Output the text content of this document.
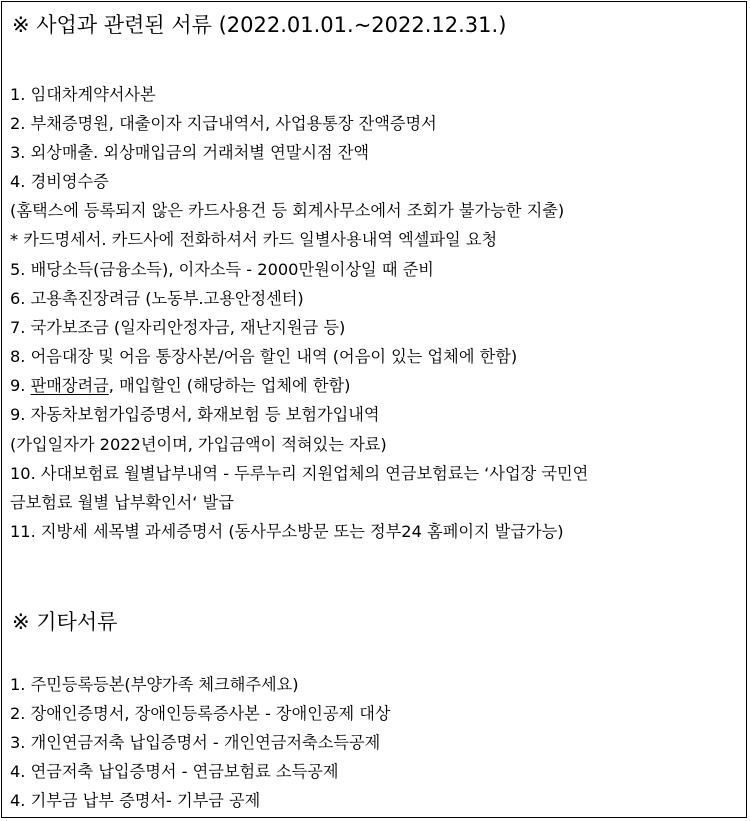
※ 사업과 관련된 서류 (2022.01.01.~2022.12.31.)
1. 임대차계약서사본
2. 부채증명원, 대출이자 지급내역서, 사업용통장 잔액증명서
3. 외상매출. 외상매입금의 거래처별 연말시점 잔액
4. 경비영수증
(홈택스에 등록되지 않은 카드사용건 등 회계사무소에서 조회가 불가능한 지출)
* 카드명세서. 카드사에 전화하셔서 카드 일별사용내역 엑셀파일 요청
5. 배당소득(금융소득), 이자소득 - 2000만원이상일 때 준비
6. 고용촉진장려금 (노동부.고용안정센터)
7. 국가보조금 (일자리안정자금, 재난지원금 등)
8. 어음대장 및 어음 통장사본/어음 할인 내역 (어음이 있는 업체에 한함)
9. 판매장려금, 매입할인 (해당하는 업체에 한함)
9. 자동차보험가입증명서, 화재보험 등 보험가입내역
(가입일자가 2022년이며, 가입금액이 적혀있는 자료)
10. 사대보험료 월별납부내역 - 두루누리 지원업체의 연금보험료는 ‘사업장 국민연
금보험료 월별 납부확인서‘ 발급
11. 지방세 세목별 과세증명서 (동사무소방문 또는 정부24 홈페이지 발급가능)
※ 기타서류
1. 주민등록등본(부양가족 체크해주세요)
2. 장애인증명서, 장애인등록증사본 - 장애인공제 대상
3. 개인연금저축 납입증명서 - 개인연금저축소득공제
4. 연금저축 납입증명서 - 연금보험료 소득공제
4. 기부금 납부 증명서- 기부금 공제
